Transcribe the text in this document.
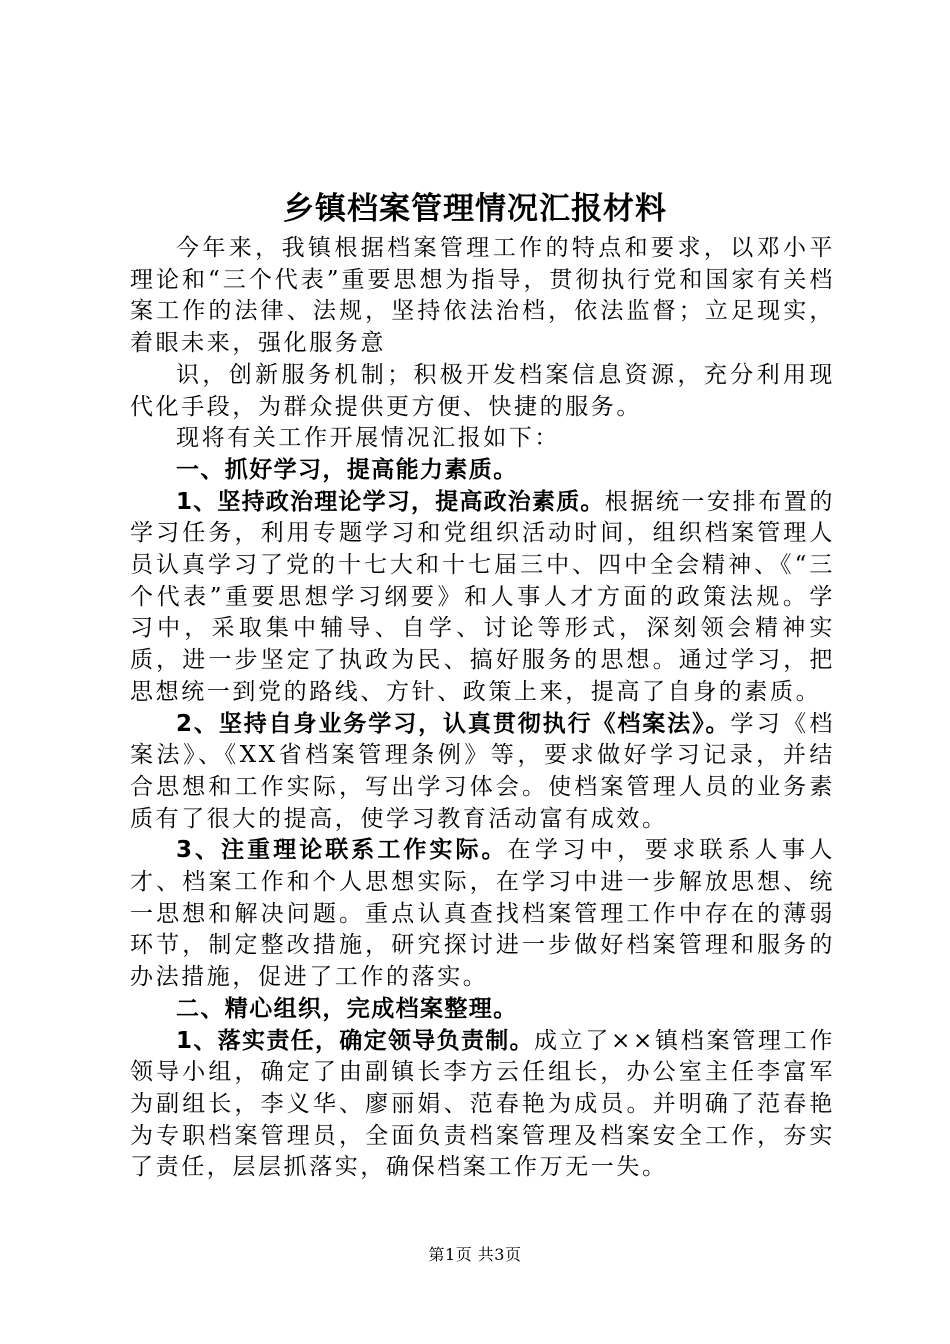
乡镇档案管理情况汇报材料

今年来，我镇根据档案管理工作的特点和要求，以邓小平理论和“三个代表”重要思想为指导，贯彻执行党和国家有关档案工作的法律、法规，坚持依法治档，依法监督；立足现实，着眼未来，强化服务意

识，创新服务机制；积极开发档案信息资源，充分利用现代化手段，为群众提供更方便、快捷的服务。

现将有关工作开展情况汇报如下：

一、抓好学习，提高能力素质。

1、坚持政治理论学习，提高政治素质。根据统一安排布置的学习任务，利用专题学习和党组织活动时间，组织档案管理人员认真学习了党的十七大和十七届三中、四中全会精神、《“三个代表”重要思想学习纲要》和人事人才方面的政策法规。学习中，采取集中辅导、自学、讨论等形式，深刻领会精神实质，进一步坚定了执政为民、搞好服务的思想。通过学习，把思想统一到党的路线、方针、政策上来，提高了自身的素质。

2、坚持自身业务学习，认真贯彻执行《档案法》。学习《档案法》、《XX省档案管理条例》等，要求做好学习记录，并结合思想和工作实际，写出学习体会。使档案管理人员的业务素质有了很大的提高，使学习教育活动富有成效。

3、注重理论联系工作实际。在学习中，要求联系人事人才、档案工作和个人思想实际，在学习中进一步解放思想、统一思想和解决问题。重点认真查找档案管理工作中存在的薄弱环节，制定整改措施，研究探讨进一步做好档案管理和服务的办法措施，促进了工作的落实。

二、精心组织，完成档案整理。

1、落实责任，确定领导负责制。成立了××镇档案管理工作领导小组，确定了由副镇长李方云任组长，办公室主任李富军为副组长，李义华、廖丽娟、范春艳为成员。并明确了范春艳为专职档案管理员，全面负责档案管理及档案安全工作，夯实了责任，层层抓落实，确保档案工作万无一失。

第1页 共3页
